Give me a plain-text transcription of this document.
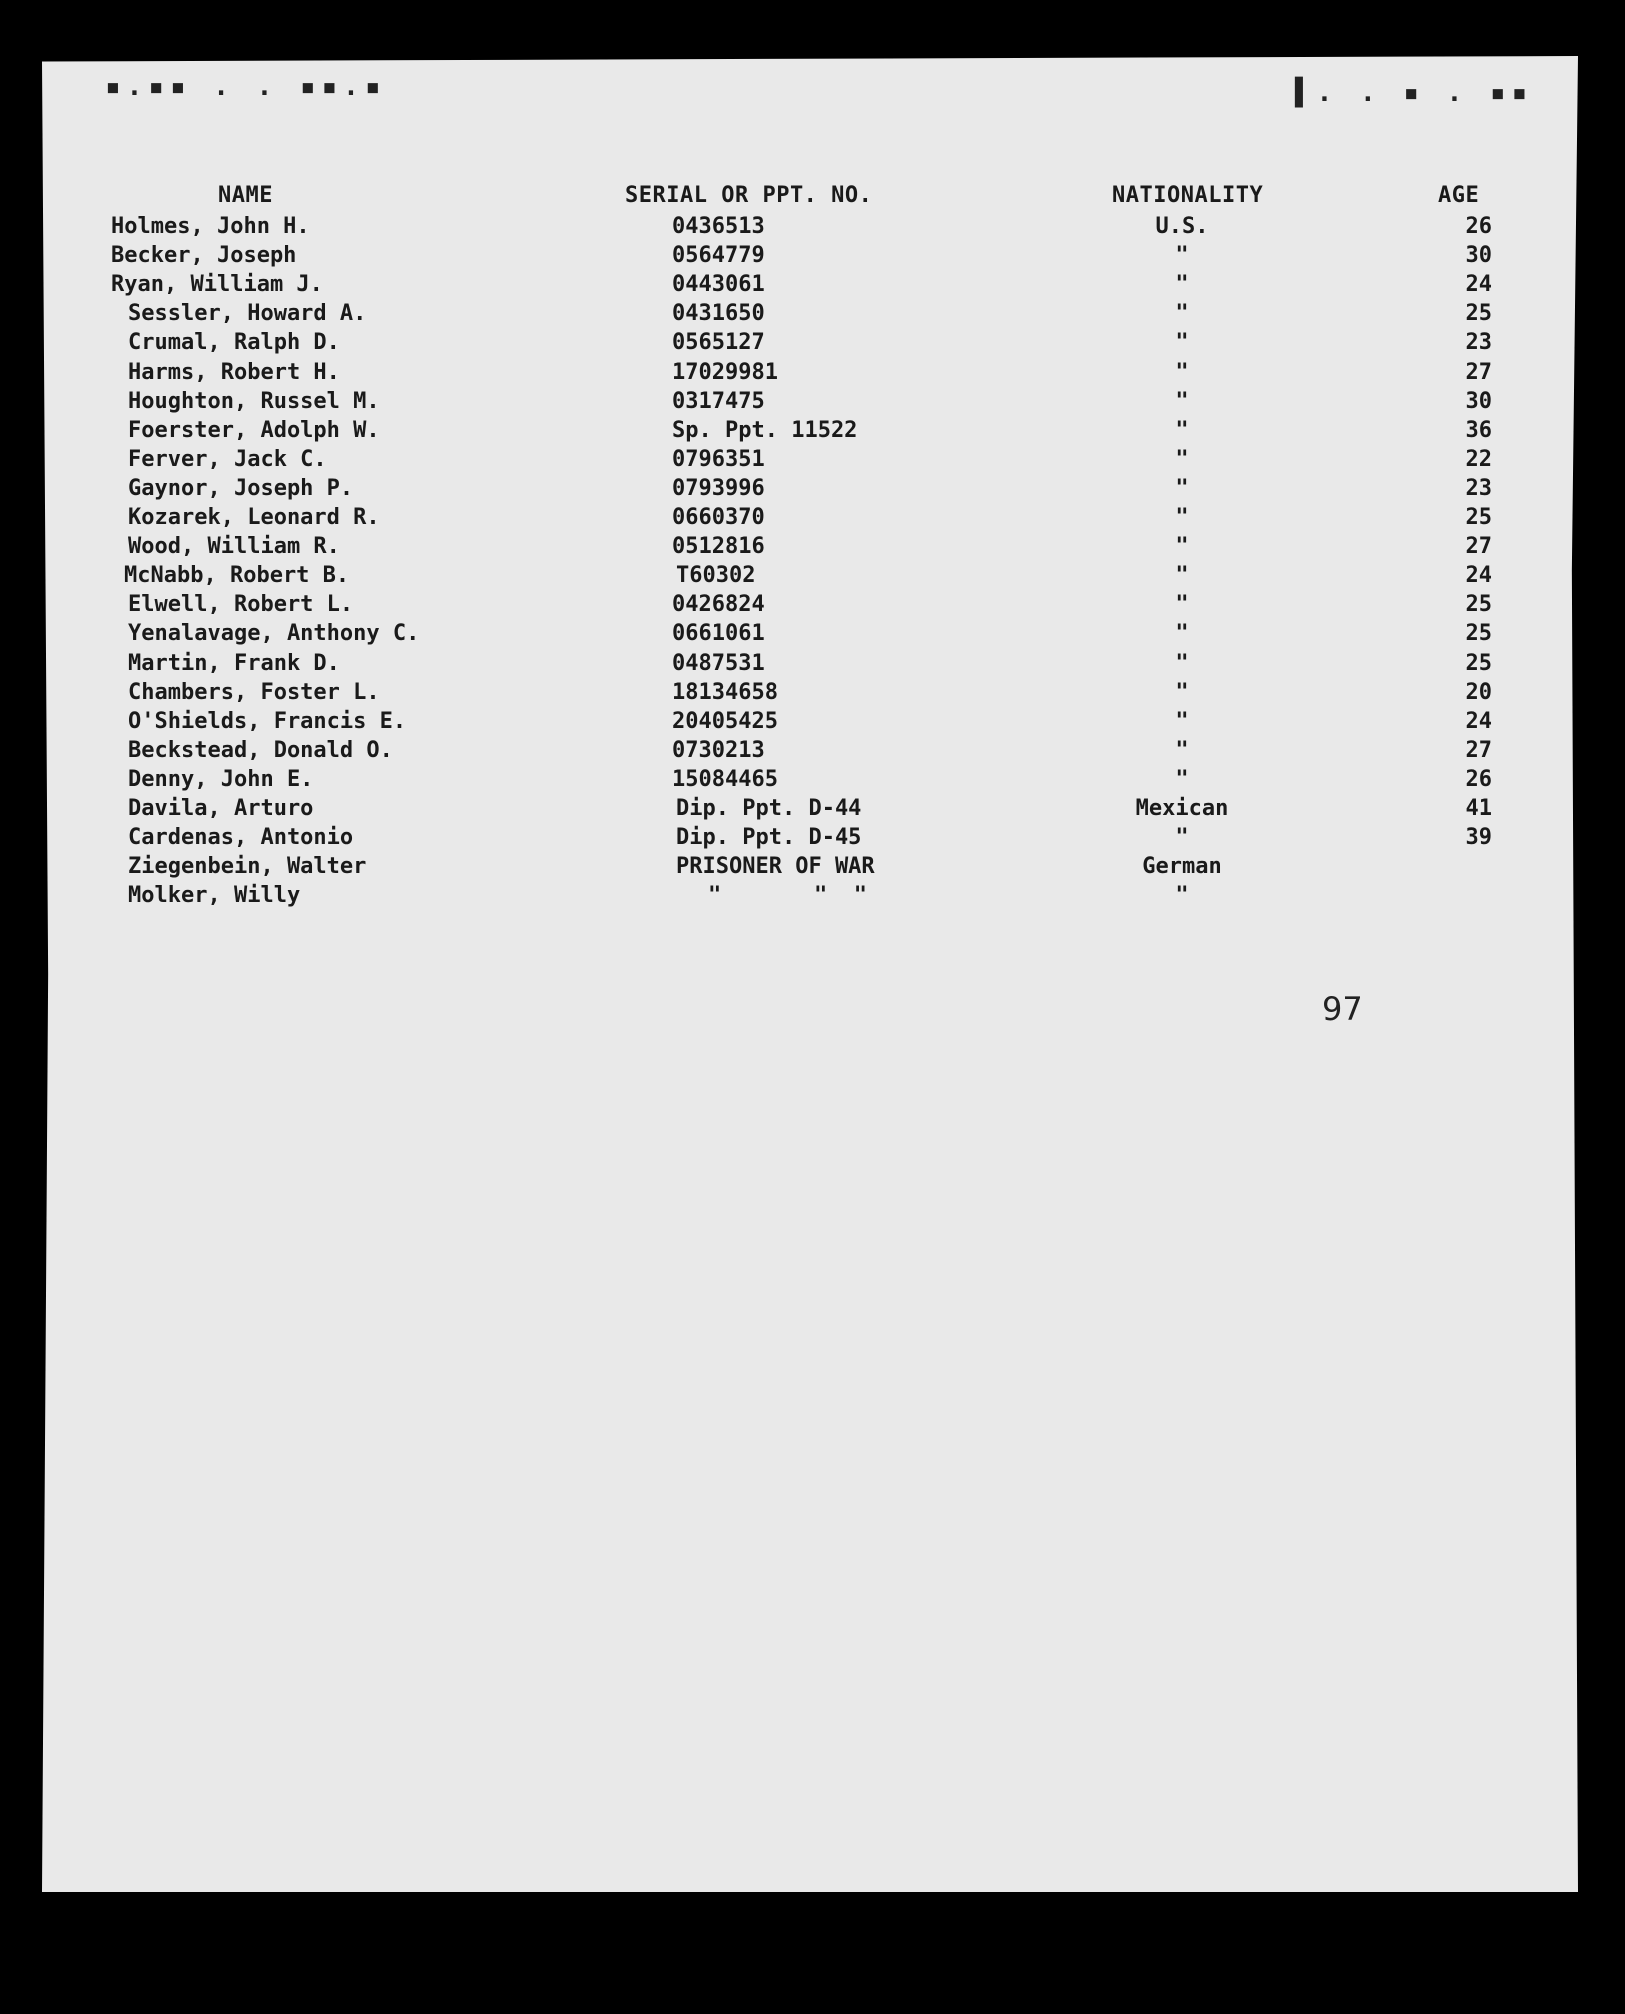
▪.▪▪ . . ▪▪.▪	▌. . ▪ . ▪▪
NAME	SERIAL OR PPT. NO.	NATIONALITY	AGE
Holmes, John H.	0436513	U.S.	26
Becker, Joseph	0564779	"	30
Ryan, William J.	0443061	"	24
Sessler, Howard A.	0431650	"	25
Crumal, Ralph D.	0565127	"	23
Harms, Robert H.	17029981	"	27
Houghton, Russel M.	0317475	"	30
Foerster, Adolph W.	Sp. Ppt. 11522	"	36
Ferver, Jack C.	0796351	"	22
Gaynor, Joseph P.	0793996	"	23
Kozarek, Leonard R.	0660370	"	25
Wood, William R.	0512816	"	27
McNabb, Robert B.	T60302	"	24
Elwell, Robert L.	0426824	"	25
Yenalavage, Anthony C.	0661061	"	25
Martin, Frank D.	0487531	"	25
Chambers, Foster L.	18134658	"	20
O'Shields, Francis E.	20405425	"	24
Beckstead, Donald O.	0730213	"	27
Denny, John E.	15084465	"	26
Davila, Arturo	Dip. Ppt. D-44	Mexican	41
Cardenas, Antonio	Dip. Ppt. D-45	"	39
Ziegenbein, Walter	PRISONER OF WAR	German
Molker, Willy	"       "  "	"
97
